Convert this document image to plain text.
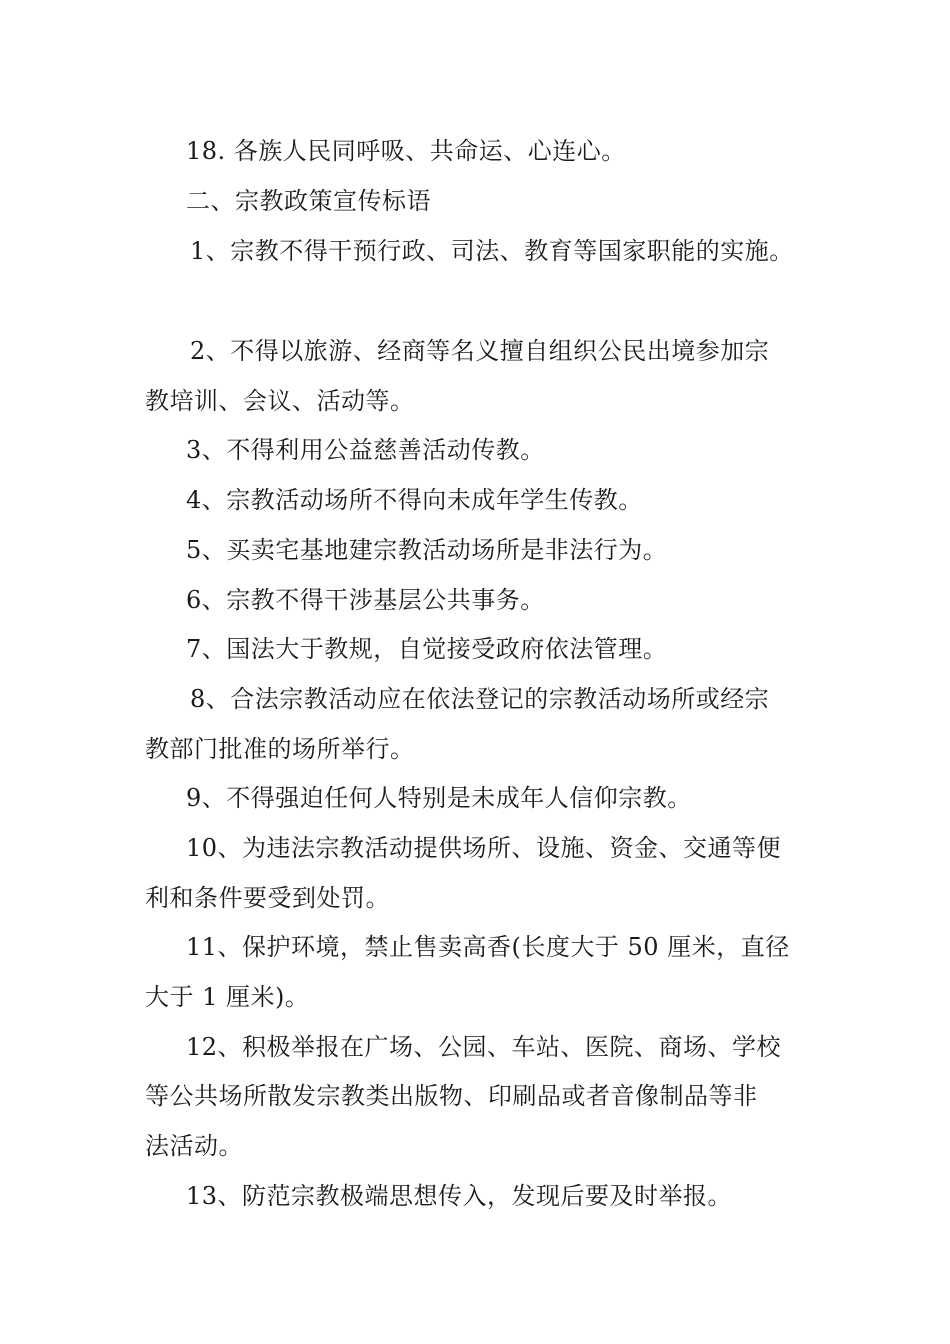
18. 各族人民同呼吸、共命运、心连心。
二、宗教政策宣传标语
1、宗教不得干预行政、司法、教育等国家职能的实施。
2、不得以旅游、经商等名义擅自组织公民出境参加宗
教培训、会议、活动等。
3、不得利用公益慈善活动传教。
4、宗教活动场所不得向未成年学生传教。
5、买卖宅基地建宗教活动场所是非法行为。
6、宗教不得干涉基层公共事务。
7、国法大于教规，自觉接受政府依法管理。
8、合法宗教活动应在依法登记的宗教活动场所或经宗
教部门批准的场所举行。
9、不得强迫任何人特别是未成年人信仰宗教。
10、为违法宗教活动提供场所、设施、资金、交通等便
利和条件要受到处罚。
11、保护环境，禁止售卖高香(长度大于 50 厘米，直径
大于 1 厘米)。
12、积极举报在广场、公园、车站、医院、商场、学校
等公共场所散发宗教类出版物、印刷品或者音像制品等非
法活动。
13、防范宗教极端思想传入，发现后要及时举报。
